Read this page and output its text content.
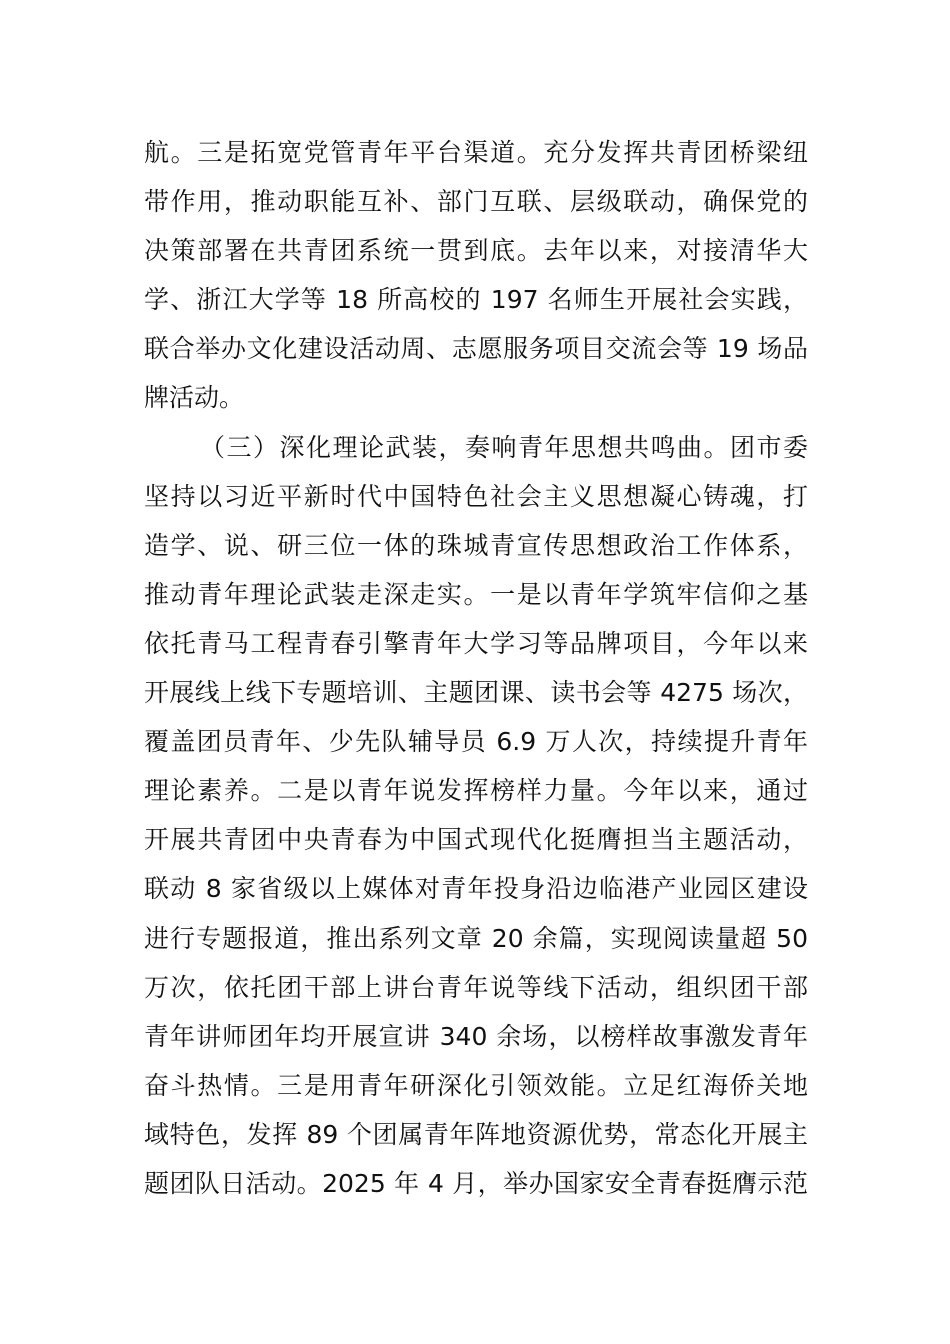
航。三是拓宽党管青年平台渠道。充分发挥共青团桥梁纽
带作用，推动职能互补、部门互联、层级联动，确保党的
决策部署在共青团系统一贯到底。去年以来，对接清华大
学、浙江大学等 18 所高校的 197 名师生开展社会实践，
联合举办文化建设活动周、志愿服务项目交流会等 19 场品
牌活动。
（三）深化理论武装，奏响青年思想共鸣曲。团市委
坚持以习近平新时代中国特色社会主义思想凝心铸魂，打
造学、说、研三位一体的珠城青宣传思想政治工作体系，
推动青年理论武装走深走实。一是以青年学筑牢信仰之基
依托青马工程青春引擎青年大学习等品牌项目，今年以来
开展线上线下专题培训、主题团课、读书会等 4275 场次，
覆盖团员青年、少先队辅导员 6.9 万人次，持续提升青年
理论素养。二是以青年说发挥榜样力量。今年以来，通过
开展共青团中央青春为中国式现代化挺膺担当主题活动，
联动 8 家省级以上媒体对青年投身沿边临港产业园区建设
进行专题报道，推出系列文章 20 余篇，实现阅读量超 50
万次，依托团干部上讲台青年说等线下活动，组织团干部
青年讲师团年均开展宣讲 340 余场，以榜样故事激发青年
奋斗热情。三是用青年研深化引领效能。立足红海侨关地
域特色，发挥 89 个团属青年阵地资源优势，常态化开展主
题团队日活动。2025 年 4 月，举办国家安全青春挺膺示范
